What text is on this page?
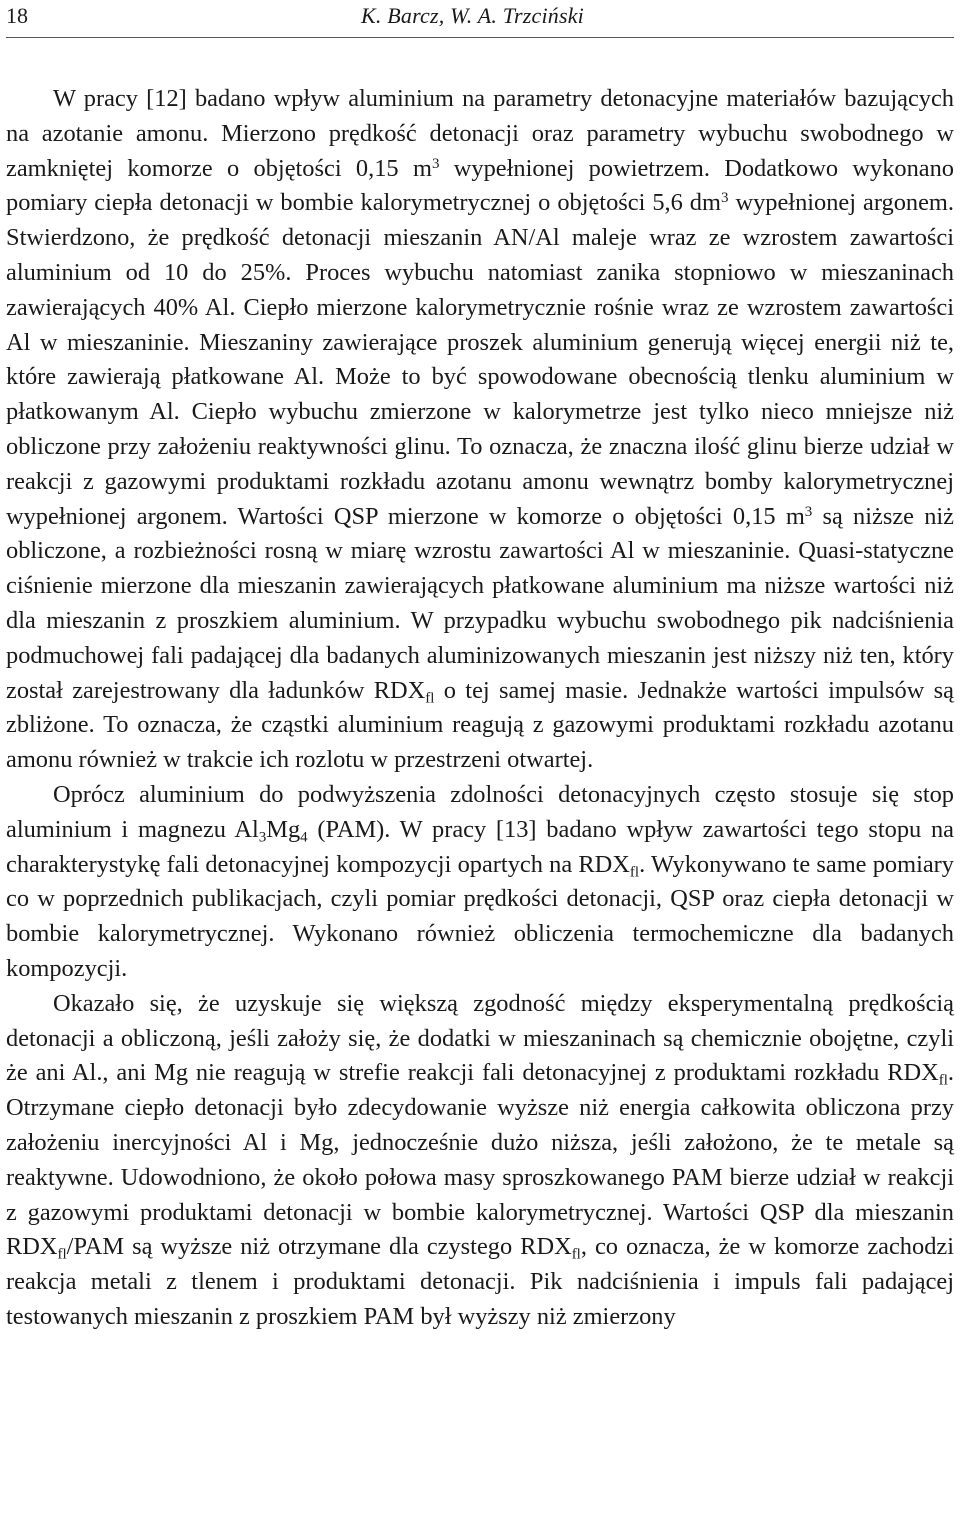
18	K. Barcz, W. A. Trzciński

W pracy [12] badano wpływ aluminium na parametry detonacyjne materiałów bazujących na azotanie amonu. Mierzono prędkość detonacji oraz parametry wybuchu swobodnego w zamkniętej komorze o objętości 0,15 $m^3$ wypełnionej powietrzem. Dodatkowo wykonano pomiary ciepła detonacji w bombie kalorymetrycznej o objętości 5,6 $dm^3$ wypełnionej argonem. Stwierdzono, że prędkość detonacji mieszanin AN/Al maleje wraz ze wzrostem zawartości aluminium od 10 do 25%. Proces wybuchu natomiast zanika stopniowo w mieszaninach zawierających 40% Al. Ciepło mierzone kalorymetrycznie rośnie wraz ze wzrostem zawartości Al w mieszaninie. Mieszaniny zawierające proszek aluminium generują więcej energii niż te, które zawierają płatkowane Al. Może to być spowodowane obecnością tlenku aluminium w płatkowanym Al. Ciepło wybuchu zmierzone w kalorymetrze jest tylko nieco mniejsze niż obliczone przy założeniu reaktywności glinu. To oznacza, że znaczna ilość glinu bierze udział w reakcji z gazowymi produktami rozkładu azotanu amonu wewnątrz bomby kalorymetrycznej wypełnionej argonem. Wartości QSP mierzone w komorze o objętości 0,15 $m^3$ są niższe niż obliczone, a rozbieżności rosną w miarę wzrostu zawartości Al w mieszaninie. Quasi-statyczne ciśnienie mierzone dla mieszanin zawierających płatkowane aluminium ma niższe wartości niż dla mieszanin z proszkiem aluminium. W przypadku wybuchu swobodnego pik nadciśnienia podmuchowej fali padającej dla badanych aluminizowanych mieszanin jest niższy niż ten, który został zarejestrowany dla ładunków $RDX_{fl}$ o tej samej masie. Jednakże wartości impulsów są zbliżone. To oznacza, że cząstki aluminium reagują z gazowymi produktami rozkładu azotanu amonu również w trakcie ich rozlotu w przestrzeni otwartej.

Oprócz aluminium do podwyższenia zdolności detonacyjnych często stosuje się stop aluminium i magnezu $Al_3Mg_4$ (PAM). W pracy [13] badano wpływ zawartości tego stopu na charakterystykę fali detonacyjnej kompozycji opartych na $RDX_{fl}$. Wykonywano te same pomiary co w poprzednich publikacjach, czyli pomiar prędkości detonacji, QSP oraz ciepła detonacji w bombie kalorymetrycznej. Wykonano również obliczenia termochemiczne dla badanych kompozycji.

Okazało się, że uzyskuje się większą zgodność między eksperymentalną prędkością detonacji a obliczoną, jeśli założy się, że dodatki w mieszaninach są chemicznie obojętne, czyli że ani Al., ani Mg nie reagują w strefie reakcji fali detonacyjnej z produktami rozkładu $RDX_{fl}$. Otrzymane ciepło detonacji było zdecydowanie wyższe niż energia całkowita obliczona przy założeniu inercyjności Al i Mg, jednocześnie dużo niższa, jeśli założono, że te metale są reaktywne. Udowodniono, że około połowa masy sproszkowanego PAM bierze udział w reakcji z gazowymi produktami detonacji w bombie kalorymetrycznej. Wartości QSP dla mieszanin $RDX_{fl}$/PAM są wyższe niż otrzymane dla czystego $RDX_{fl}$, co oznacza, że w komorze zachodzi reakcja metali z tlenem i produktami detonacji. Pik nadciśnienia i impuls fali padającej testowanych mieszanin z proszkiem PAM był wyższy niż zmierzony
